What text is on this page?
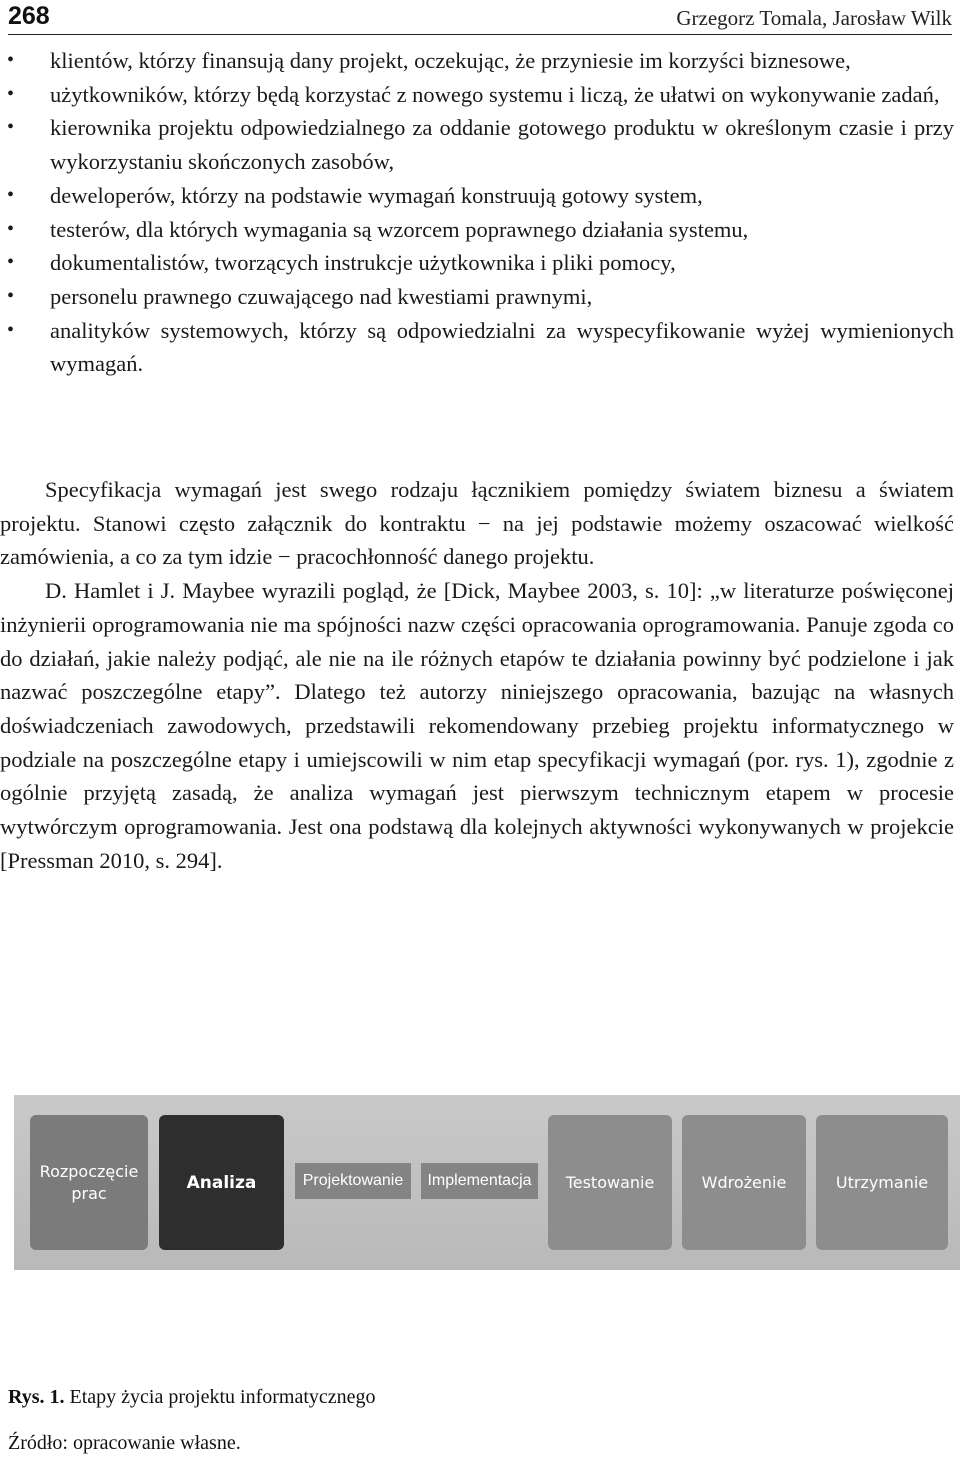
268	Grzegorz Tomala, Jarosław Wilk
• klientów, którzy finansują dany projekt, oczekując, że przyniesie im korzyści biznesowe,
• użytkowników, którzy będą korzystać z nowego systemu i liczą, że ułatwi on wykonywanie zadań,
• kierownika projektu odpowiedzialnego za oddanie gotowego produktu w określonym czasie i przy wykorzystaniu skończonych zasobów,
• deweloperów, którzy na podstawie wymagań konstruują gotowy system,
• testerów, dla których wymagania są wzorcem poprawnego działania systemu,
• dokumentalistów, tworzących instrukcje użytkownika i pliki pomocy,
• personelu prawnego czuwającego nad kwestiami prawnymi,
• analityków systemowych, którzy są odpowiedzialni za wyspecyfikowanie wyżej wymienionych wymagań.

Specyfikacja wymagań jest swego rodzaju łącznikiem pomiędzy światem biznesu a światem projektu. Stanowi często załącznik do kontraktu − na jej podstawie możemy oszacować wielkość zamówienia, a co za tym idzie − pracochłonność danego projektu.

D. Hamlet i J. Maybee wyrazili pogląd, że [Dick, Maybee 2003, s. 10]: „w literaturze poświęconej inżynierii oprogramowania nie ma spójności nazw części opracowania oprogramowania. Panuje zgoda co do działań, jakie należy podjąć, ale nie na ile różnych etapów te działania powinny być podzielone i jak nazwać poszczególne etapy”. Dlatego też autorzy niniejszego opracowania, bazując na własnych doświadczeniach zawodowych, przedstawili rekomendowany przebieg projektu informatycznego w podziale na poszczególne etapy i umiejscowili w nim etap specyfikacji wymagań (por. rys. 1), zgodnie z ogólnie przyjętą zasadą, że analiza wymagań jest pierwszym technicznym etapem w procesie wytwórczym oprogramowania. Jest ona podstawą dla kolejnych aktywności wykonywanych w projekcie [Pressman 2010, s. 294].

Rozpoczęcie prac
Analiza	Projektowanie	Implementacja	Testowanie	Wdrożenie	Utrzymanie
Rys. 1. Etapy życia projektu informatycznego
Źródło: opracowanie własne.
